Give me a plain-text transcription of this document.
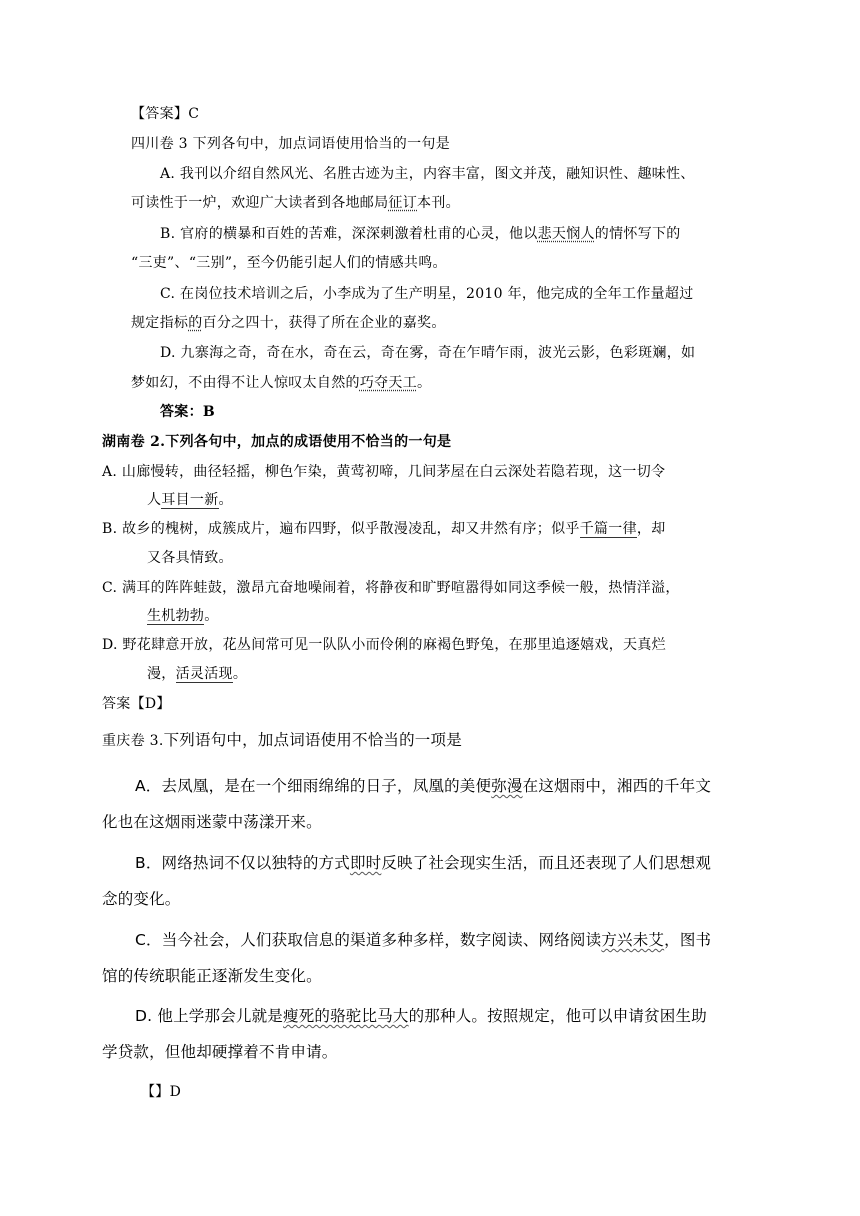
【答案】C
四川卷 3 下列各句中，加点词语使用恰当的一句是
A. 我刊以介绍自然风光、名胜古迹为主，内容丰富，图文并茂，融知识性、趣味性、
可读性于一炉，欢迎广大读者到各地邮局征订本刊。
B. 官府的横暴和百姓的苦难，深深刺激着杜甫的心灵，他以悲天悯人的情怀写下的
“三吏”、“三别”，至今仍能引起人们的情感共鸣。
C. 在岗位技术培训之后，小李成为了生产明星，2010 年，他完成的全年工作量超过
规定指标的百分之四十，获得了所在企业的嘉奖。
D. 九寨海之奇，奇在水，奇在云，奇在雾，奇在乍晴乍雨，波光云影，色彩斑斓，如
梦如幻，不由得不让人惊叹太自然的巧夺天工。
答案：B
湖南卷 2.下列各句中，加点的成语使用不恰当的一句是
A. 山廊慢转，曲径轻摇，柳色乍染，黄莺初啼，几间茅屋在白云深处若隐若现，这一切令
人耳目一新。
B. 故乡的槐树，成簇成片，遍布四野，似乎散漫凌乱，却又井然有序；似乎千篇一律，却
又各具情致。
C. 满耳的阵阵蛙鼓，激昂亢奋地噪闹着，将静夜和旷野喧嚣得如同这季候一般，热情洋溢，
生机勃勃。
D. 野花肆意开放，花丛间常可见一队队小而伶俐的麻褐色野兔，在那里追逐嬉戏，天真烂
漫，活灵活现。
答案【D】
重庆卷 3.下列语句中，加点词语使用不恰当的一项是
A．去凤凰，是在一个细雨绵绵的日子，凤凰的美便弥漫在这烟雨中，湘西的千年文
化也在这烟雨迷蒙中荡漾开来。
B．网络热词不仅以独特的方式即时反映了社会现实生活，而且还表现了人们思想观
念的变化。
C．当今社会，人们获取信息的渠道多种多样，数字阅读、网络阅读方兴未艾，图书
馆的传统职能正逐渐发生变化。
D. 他上学那会儿就是瘦死的骆驼比马大的那种人。按照规定，他可以申请贫困生助
学贷款，但他却硬撑着不肯申请。
【】D
